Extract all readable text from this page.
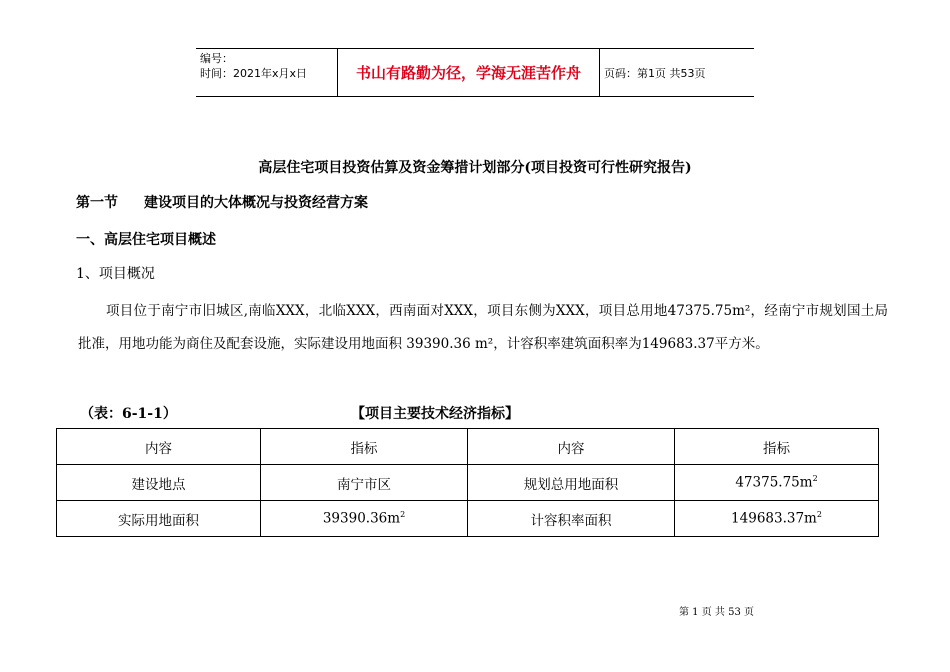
编号：
时间：2021年x月x日	书山有路勤为径，学海无涯苦作舟	页码：第1页 共53页
高层住宅项目投资估算及资金筹措计划部分(项目投资可行性研究报告)
第一节 建设项目的大体概况与投资经营方案
一、高层住宅项目概述
1、项目概况
项目位于南宁市旧城区,南临XXX，北临XXX，西南面对XXX，项目东侧为XXX，项目总用地47375.75m²，经南宁市规划国土局批准，用地功能为商住及配套设施，实际建设用地面积 39390.36 m²，计容积率建筑面积率为149683.37平方米。
（表：6-1-1）	【项目主要技术经济指标】
内容	指标	内容	指标
建设地点	南宁市区	规划总用地面积	$47375.75m^2$
实际用地面积	$39390.36m^2$	计容积率面积	$149683.37m^2$
第 1 页 共 53 页
